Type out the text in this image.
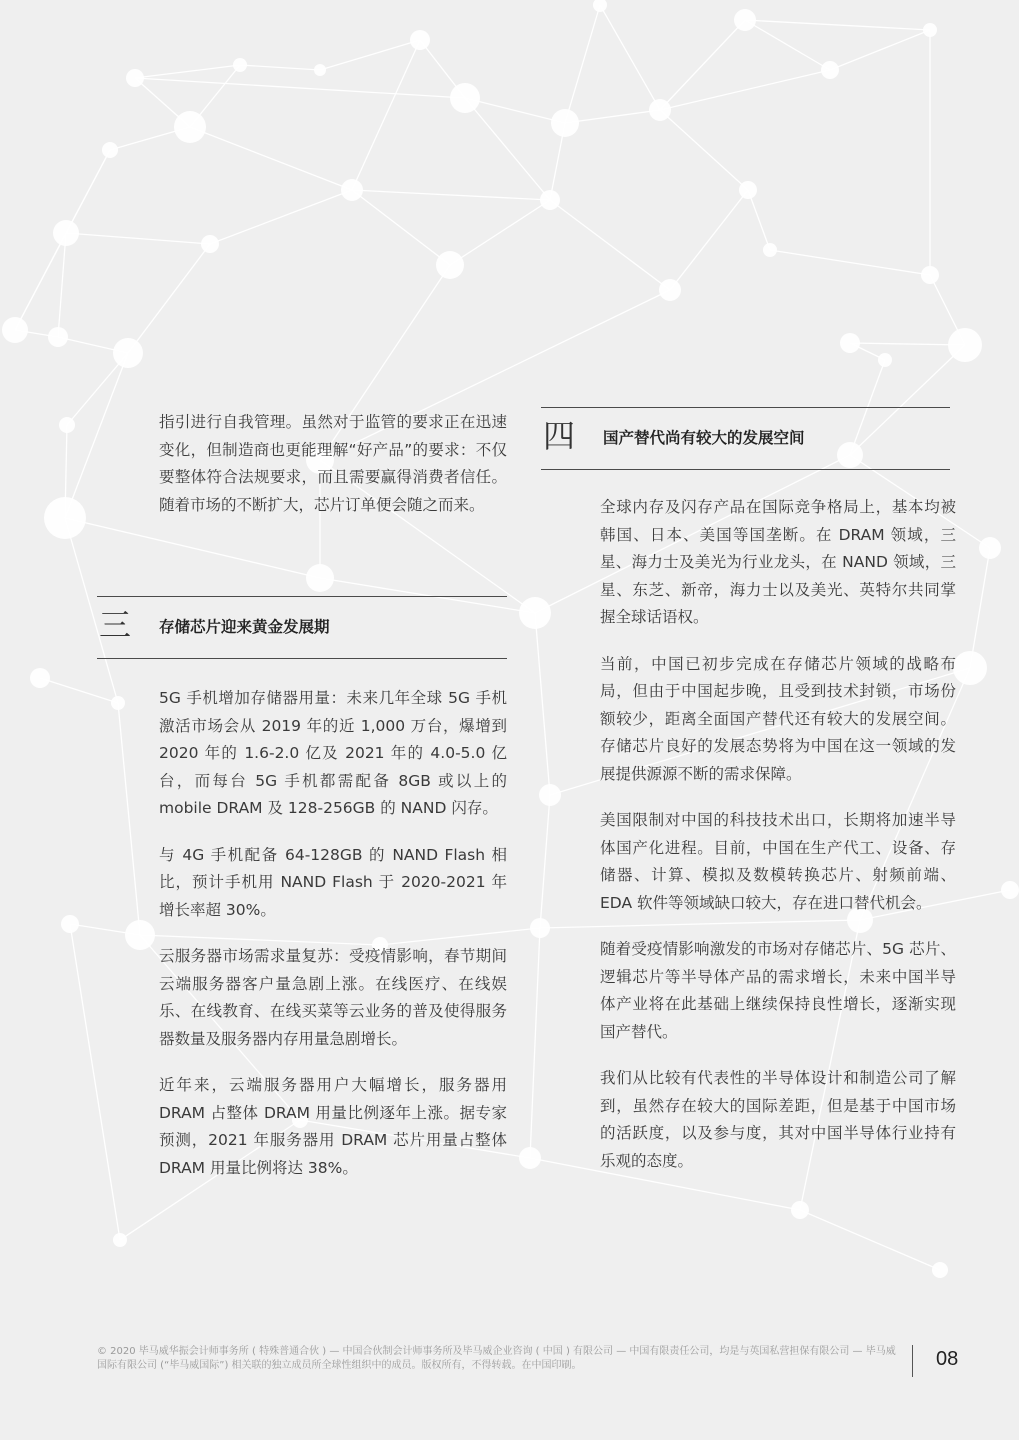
指引进行自我管理。虽然对于监管的要求正在迅速变化，但制造商也更能理解“好产品”的要求：不仅要整体符合法规要求，而且需要赢得消费者信任。随着市场的不断扩大，芯片订单便会随之而来。

三 存储芯片迎来黄金发展期

5G 手机增加存储器用量：未来几年全球 5G 手机激活市场会从 2019 年的近 1,000 万台，爆增到 2020 年的 1.6-2.0 亿及 2021 年的 4.0-5.0 亿台，而每台 5G 手机都需配备 8GB 或以上的 mobile DRAM 及 128-256GB 的 NAND 闪存。

与 4G 手机配备 64-128GB 的 NAND Flash 相比，预计手机用 NAND Flash 于 2020-2021 年增长率超 30%。

云服务器市场需求量复苏：受疫情影响，春节期间云端服务器客户量急剧上涨。在线医疗、在线娱乐、在线教育、在线买菜等云业务的普及使得服务器数量及服务器内存用量急剧增长。

近年来，云端服务器用户大幅增长，服务器用 DRAM 占整体 DRAM 用量比例逐年上涨。据专家预测，2021 年服务器用 DRAM 芯片用量占整体 DRAM 用量比例将达 38%。

四 国产替代尚有较大的发展空间

全球内存及闪存产品在国际竞争格局上，基本均被韩国、日本、美国等国垄断。在 DRAM 领域，三星、海力士及美光为行业龙头，在 NAND 领域，三星、东芝、新帝，海力士以及美光、英特尔共同掌握全球话语权。

当前，中国已初步完成在存储芯片领域的战略布局，但由于中国起步晚，且受到技术封锁，市场份额较少，距离全面国产替代还有较大的发展空间。存储芯片良好的发展态势将为中国在这一领域的发展提供源源不断的需求保障。

美国限制对中国的科技技术出口，长期将加速半导体国产化进程。目前，中国在生产代工、设备、存储器、计算、模拟及数模转换芯片、射频前端、EDA 软件等领域缺口较大，存在进口替代机会。

随着受疫情影响激发的市场对存储芯片、5G 芯片、逻辑芯片等半导体产品的需求增长，未来中国半导体产业将在此基础上继续保持良性增长，逐渐实现国产替代。

我们从比较有代表性的半导体设计和制造公司了解到，虽然存在较大的国际差距，但是基于中国市场的活跃度，以及参与度，其对中国半导体行业持有乐观的态度。

© 2020 毕马威华振会计师事务所 ( 特殊普通合伙 ) — 中国合伙制会计师事务所及毕马威企业咨询 ( 中国 ) 有限公司 — 中国有限责任公司，均是与英国私营担保有限公司 — 毕马威国际有限公司 (“毕马威国际”) 相关联的独立成员所全球性组织中的成员。版权所有，不得转载。在中国印刷。	08
